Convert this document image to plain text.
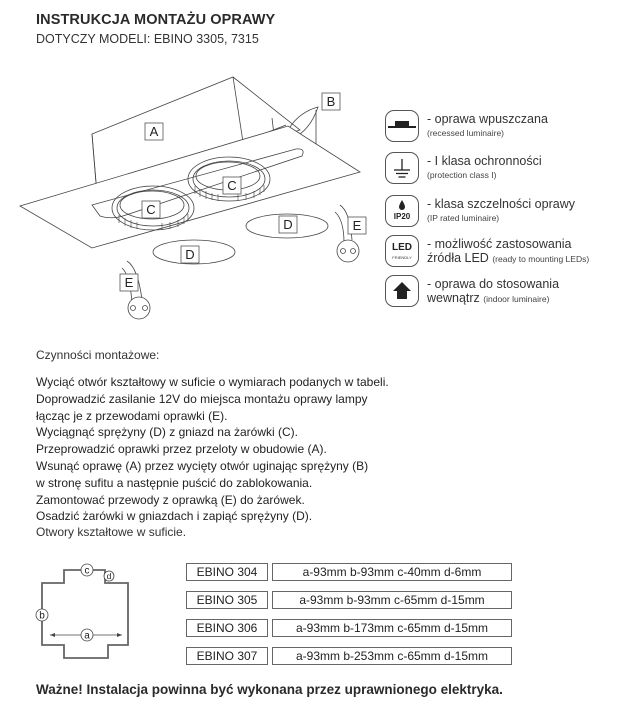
INSTRUKCJA MONTAŻU OPRAWY
DOTYCZY MODELI: EBINO 3305, 7315
A
B
C
C
D
D
E
E
- oprawa wpuszczana
(recessed luminaire)
- I klasa ochronności
(protection class I)
IP20
- klasa szczelności oprawy
(IP rated luminaire)
LED
FRIENDLY
- możliwość zastosowania
źródła LED (ready to mounting LEDs)
- oprawa do stosowania
wewnątrz (indoor luminaire)
Czynności montażowe:
Wyciąć otwór kształtowy w suficie o wymiarach podanych w tabeli.
Doprowadzić zasilanie 12V do miejsca montażu oprawy lampy
łącząc je z przewodami oprawki (E).
Wyciągnąć sprężyny (D) z gniazd na żarówki (C).
Przeprowadzić oprawki przez przeloty w obudowie (A).
Wsunąć oprawę (A) przez wycięty otwór uginając sprężyny (B)
w stronę sufitu a następnie puścić do zablokowania.
Zamontować przewody z oprawką (E) do żarówek.
Osadzić żarówki w gniazdach i zapiąć sprężyny (D).
Otwory kształtowe w suficie.
a
b
c d	EBINO 304	a-93mm b-93mm c-40mm d-6mm
EBINO 305	a-93mm b-93mm c-65mm d-15mm
EBINO 306	a-93mm b-173mm c-65mm d-15mm
EBINO 307	a-93mm b-253mm c-65mm d-15mm
Ważne! Instalacja powinna być wykonana przez uprawnionego elektryka.
